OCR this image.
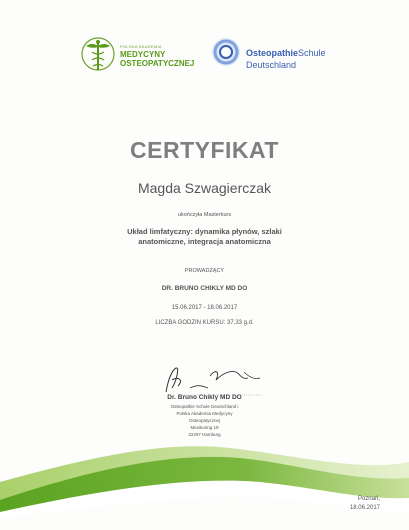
POLSKA AKADEMIA
MEDYCYNY
OSTEOPATYCZNEJ
OsteopathieSchule
Deutschland
CERTYFIKAT
Magda Szwagierczak
ukończyła Masterkurs
Układ limfatyczny: dynamika płynów, szlaki
anatomiczne, integracja anatomiczna
PROWADZĄCY
DR. BRUNO CHIKLY MD DO
15.06.2017 - 18.06.2017
LICZBA GODZIN KURSU: 37,33 g.d.
Dr. Bruno Chikly MD DO
Osteopathie Schule Deutschland i
Polska Akademia Medycyny
Osteopatycznej
Mexikoring 19
22297 Hamburg
Poznań,
18.06.2017
